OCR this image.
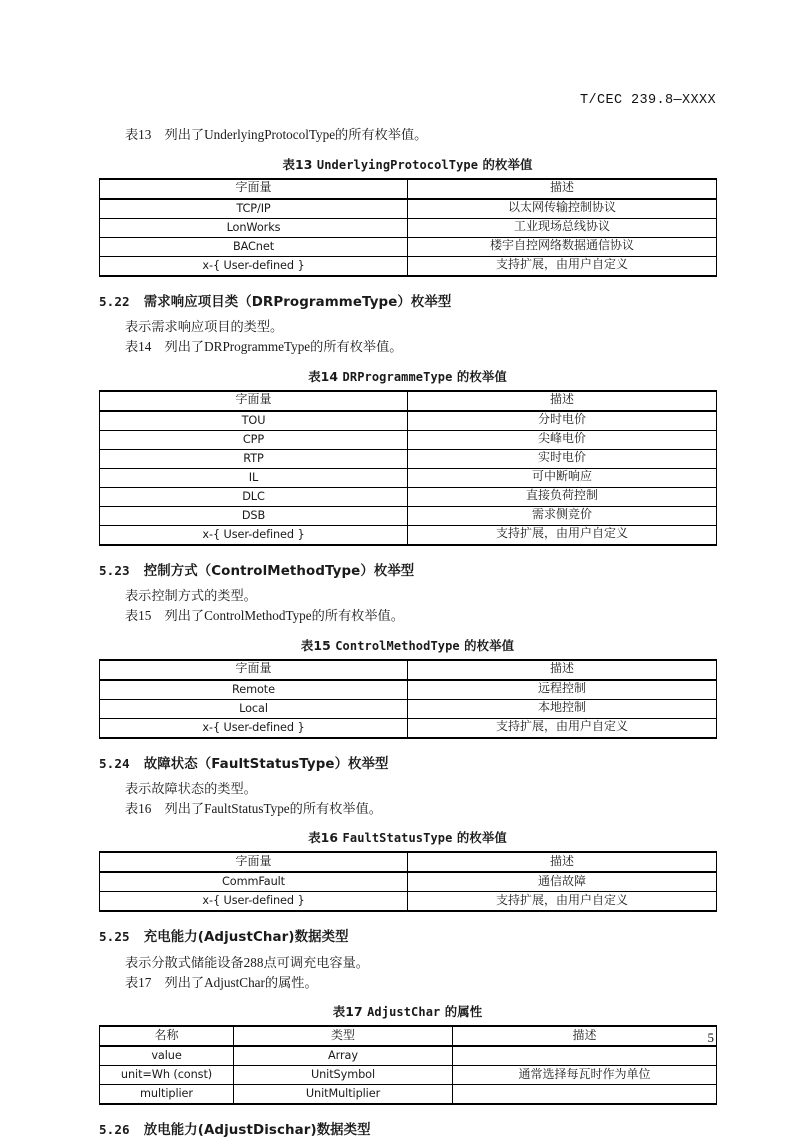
T/CEC 239.8—XXXX

表13　列出了UnderlyingProtocolType的所有枚举值。

表13 UnderlyingProtocolType 的枚举值
字面量	描述
TCP/IP	以太网传输控制协议
LonWorks	工业现场总线协议
BACnet	楼宇自控网络数据通信协议
x-{ User-defined }	支持扩展，由用户自定义
5.22 需求响应项目类（DRProgrammeType）枚举型

表示需求响应项目的类型。

表14　列出了DRProgrammeType的所有枚举值。

表14 DRProgrammeType 的枚举值
字面量	描述
TOU	分时电价
CPP	尖峰电价
RTP	实时电价
IL	可中断响应
DLC	直接负荷控制
DSB	需求侧竞价
x-{ User-defined }	支持扩展，由用户自定义
5.23 控制方式（ControlMethodType）枚举型

表示控制方式的类型。

表15　列出了ControlMethodType的所有枚举值。

表15 ControlMethodType 的枚举值
字面量	描述
Remote	远程控制
Local	本地控制
x-{ User-defined }	支持扩展，由用户自定义
5.24 故障状态（FaultStatusType）枚举型

表示故障状态的类型。

表16　列出了FaultStatusType的所有枚举值。

表16 FaultStatusType 的枚举值
字面量	描述
CommFault	通信故障
x-{ User-defined }	支持扩展，由用户自定义
5.25 充电能力(AdjustChar)数据类型

表示分散式储能设备288点可调充电容量。

表17　列出了AdjustChar的属性。

表17 AdjustChar 的属性
名称	类型	描述
value	Array	
unit=Wh (const)	UnitSymbol	通常选择每瓦时作为单位
multiplier	UnitMultiplier	
5.26 放电能力(AdjustDischar)数据类型
5
